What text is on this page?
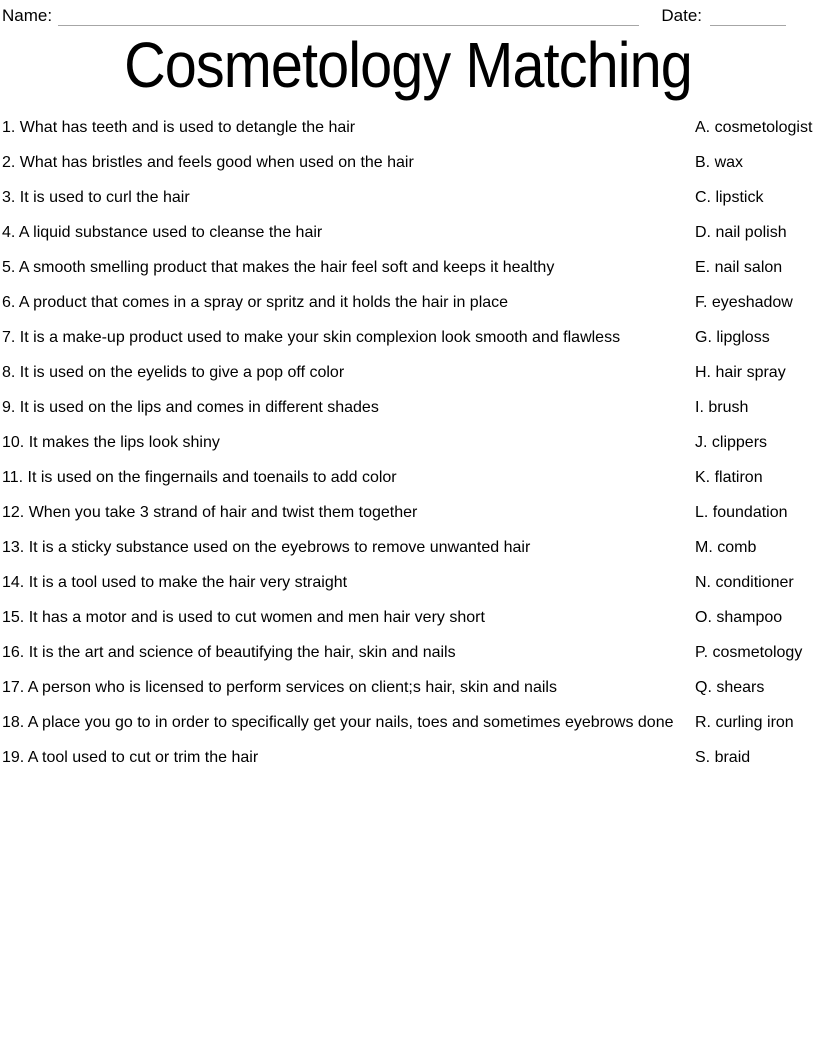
Name:	Date:
Cosmetology Matching
1. What has teeth and is used to detangle the hair	A. cosmetologist
2. What has bristles and feels good when used on the hair	B. wax
3. It is used to curl the hair	C. lipstick
4. A liquid substance used to cleanse the hair	D. nail polish
5. A smooth smelling product that makes the hair feel soft and keeps it healthy	E. nail salon
6. A product that comes in a spray or spritz and it holds the hair in place	F. eyeshadow
7. It is a make-up product used to make your skin complexion look smooth and flawless	G. lipgloss
8. It is used on the eyelids to give a pop off color	H. hair spray
9. It is used on the lips and comes in different shades	I. brush
10. It makes the lips look shiny	J. clippers
11. It is used on the fingernails and toenails to add color	K. flatiron
12. When you take 3 strand of hair and twist them together	L. foundation
13. It is a sticky substance used on the eyebrows to remove unwanted hair	M. comb
14. It is a tool used to make the hair very straight	N. conditioner
15. It has a motor and is used to cut women and men hair very short	O. shampoo
16. It is the art and science of beautifying the hair, skin and nails	P. cosmetology
17. A person who is licensed to perform services on client;s hair, skin and nails	Q. shears
18. A place you go to in order to specifically get your nails, toes and sometimes eyebrows done	R. curling iron
19. A tool used to cut or trim the hair	S. braid
